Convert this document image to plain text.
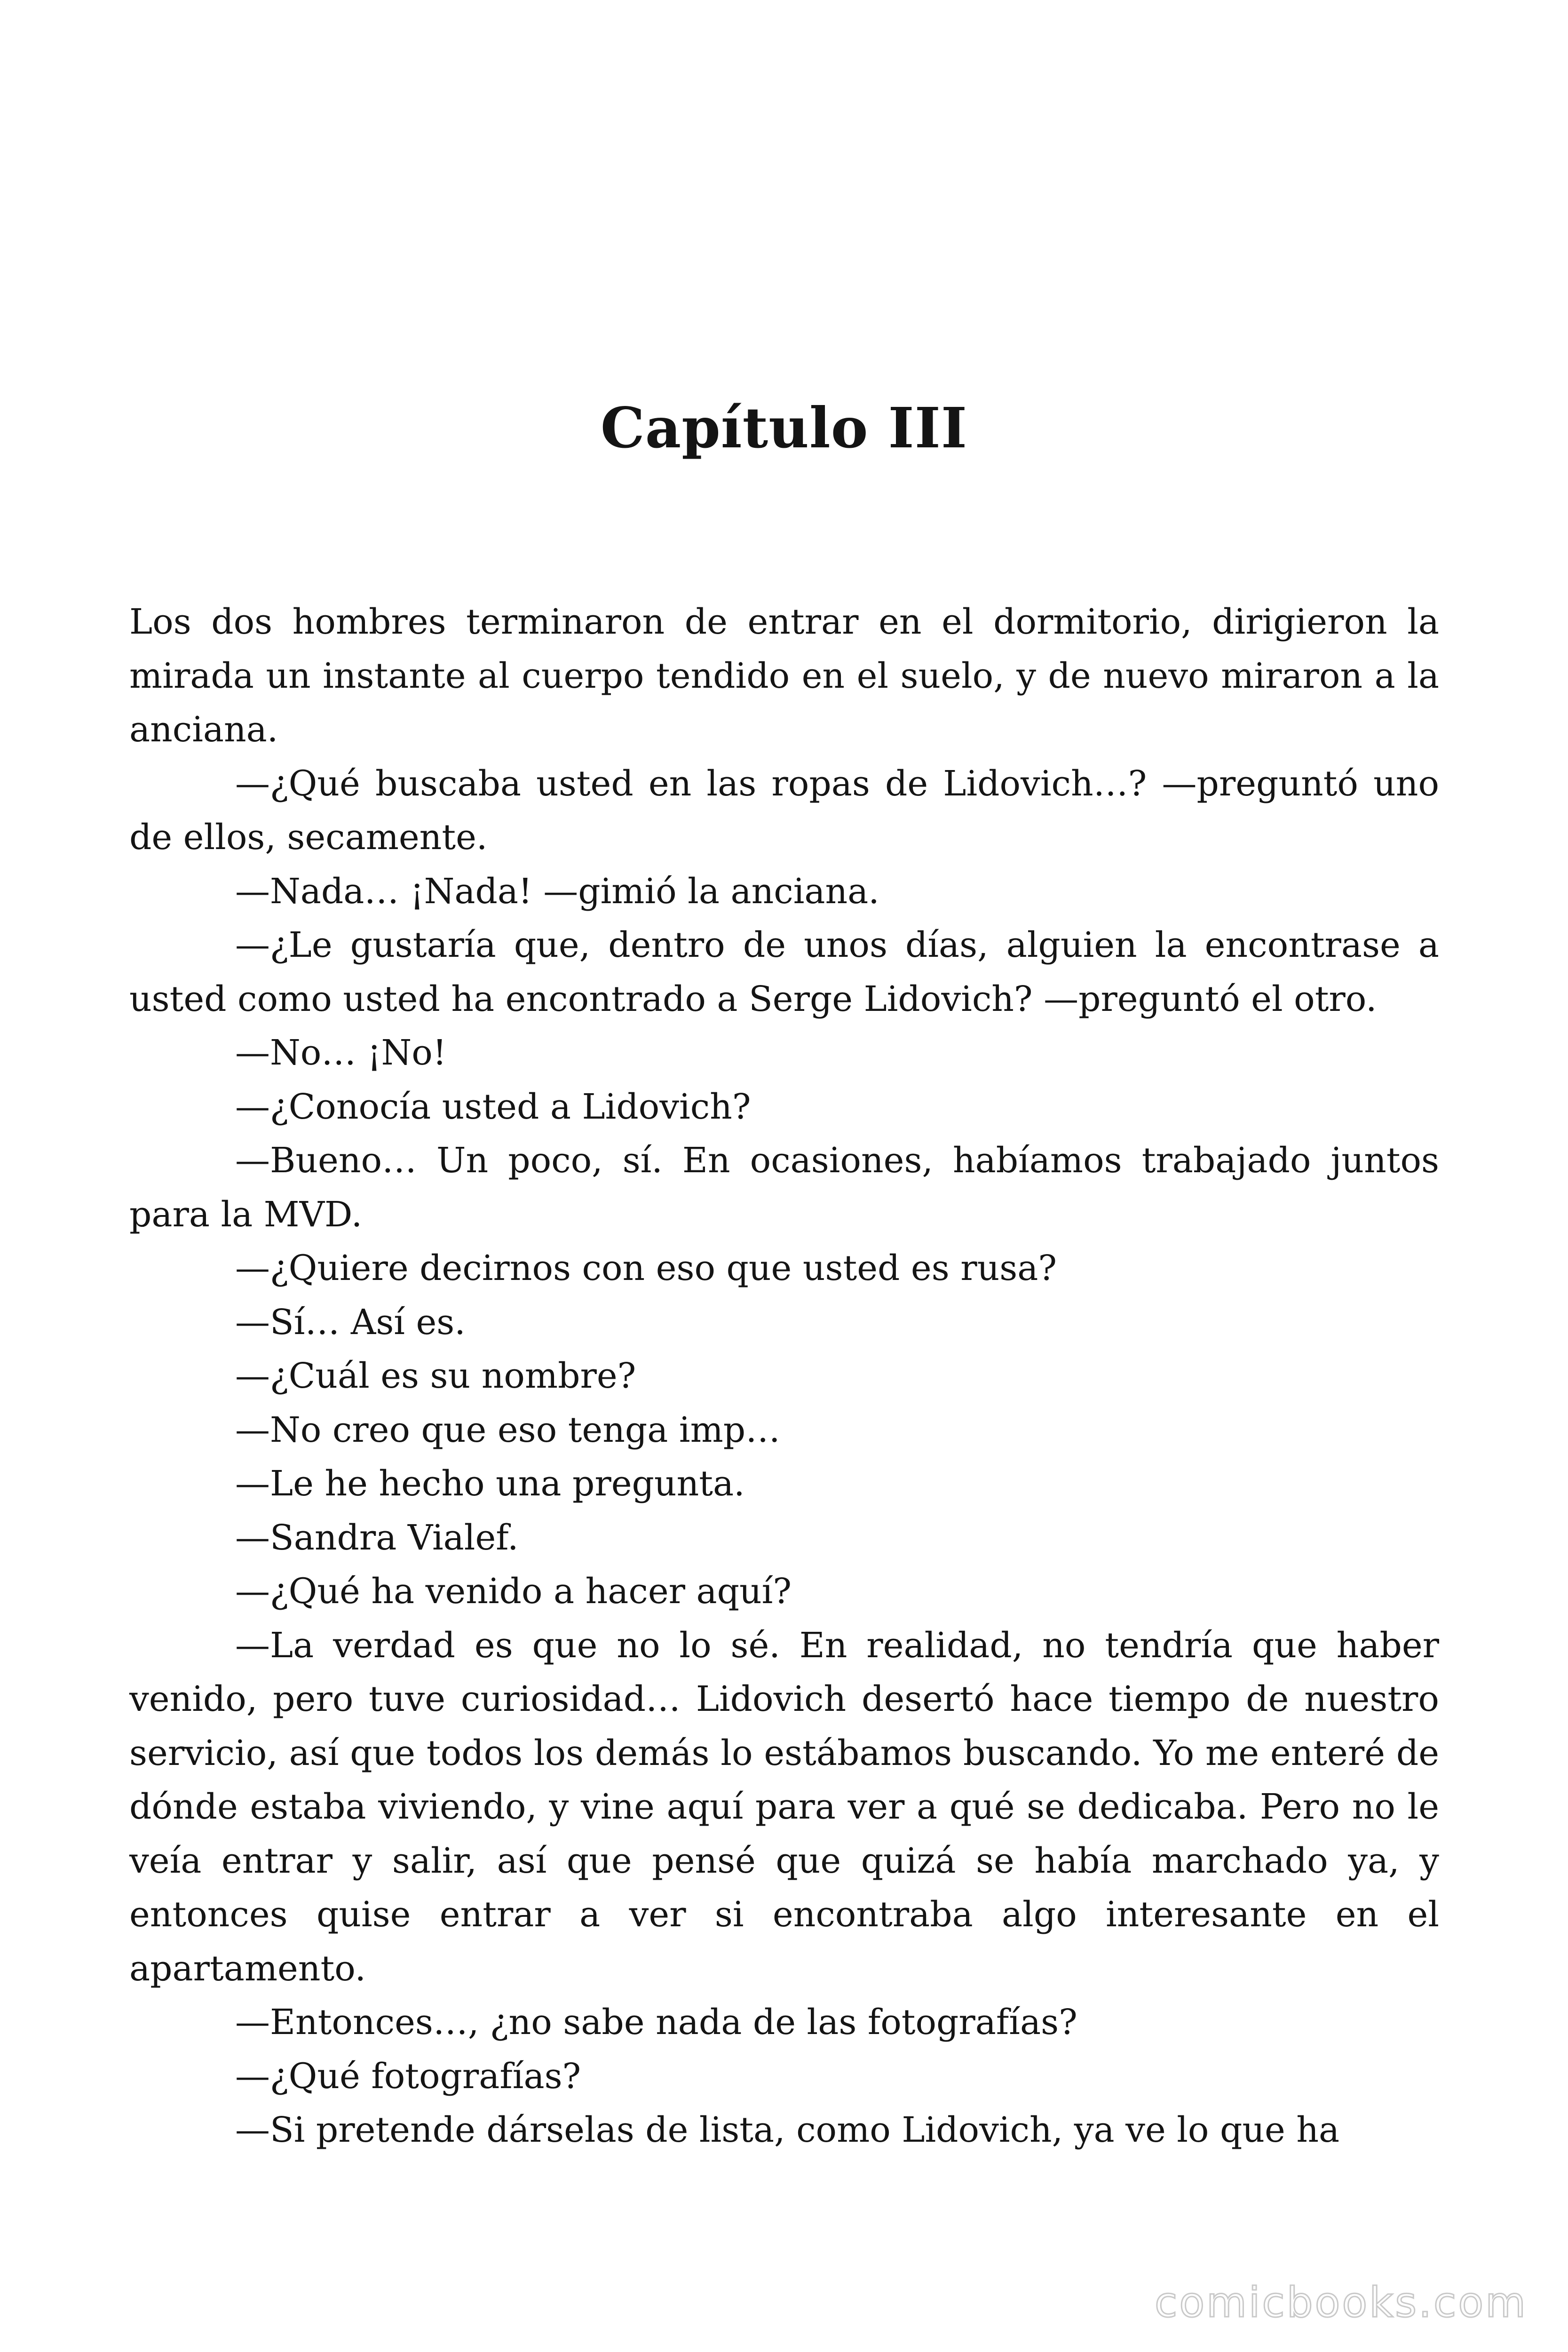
Capítulo III

Los dos hombres terminaron de entrar en el dormitorio, dirigieron la mirada un instante al cuerpo tendido en el suelo, y de nuevo miraron a la anciana.

—¿Qué buscaba usted en las ropas de Lidovich…? —preguntó uno de ellos, secamente.

—Nada… ¡Nada! —gimió la anciana.

—¿Le gustaría que, dentro de unos días, alguien la encontrase a usted como usted ha encontrado a Serge Lidovich? —preguntó el otro.

—No… ¡No!

—¿Conocía usted a Lidovich?

—Bueno… Un poco, sí. En ocasiones, habíamos trabajado juntos para la MVD.

—¿Quiere decirnos con eso que usted es rusa?

—Sí… Así es.

—¿Cuál es su nombre?

—No creo que eso tenga imp…

—Le he hecho una pregunta.

—Sandra Vialef.

—¿Qué ha venido a hacer aquí?

—La verdad es que no lo sé. En realidad, no tendría que haber venido, pero tuve curiosidad… Lidovich desertó hace tiempo de nuestro servicio, así que todos los demás lo estábamos buscando. Yo me enteré de dónde estaba viviendo, y vine aquí para ver a qué se dedicaba. Pero no le veía entrar y salir, así que pensé que quizá se había marchado ya, y entonces quise entrar a ver si encontraba algo interesante en el apartamento.

—Entonces…, ¿no sabe nada de las fotografías?

—¿Qué fotografías?

—Si pretende dárselas de lista, como Lidovich, ya ve lo que ha

comicbooks.com
